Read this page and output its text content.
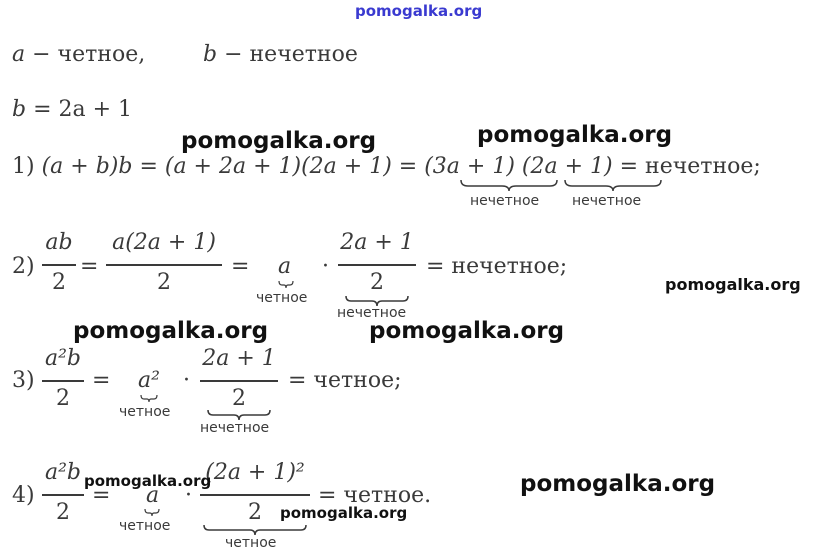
pomogalka.org
a − четное,	b − нечетное
b = 2a + 1
pomogalka.org	pomogalka.org
1) (a + b)b = (a + 2a + 1)(2a + 1) = (3a + 1) (2a + 1) = нечетное;
нечетное нечетное
2)
ab
2
=
a(2a + 1)
2
= a
четное
·
2a + 1
2
нечетное
= нечетное;
pomogalka.org
pomogalka.org	pomogalka.org
3)
a²b
2
= a²
четное
·
2a + 1
2
нечетное
= четное;
4)
a²b
2
= a
четное
·
(2a + 1)²
2
четное
= четное.
pomogalka.org
pomogalka.org
pomogalka.org
